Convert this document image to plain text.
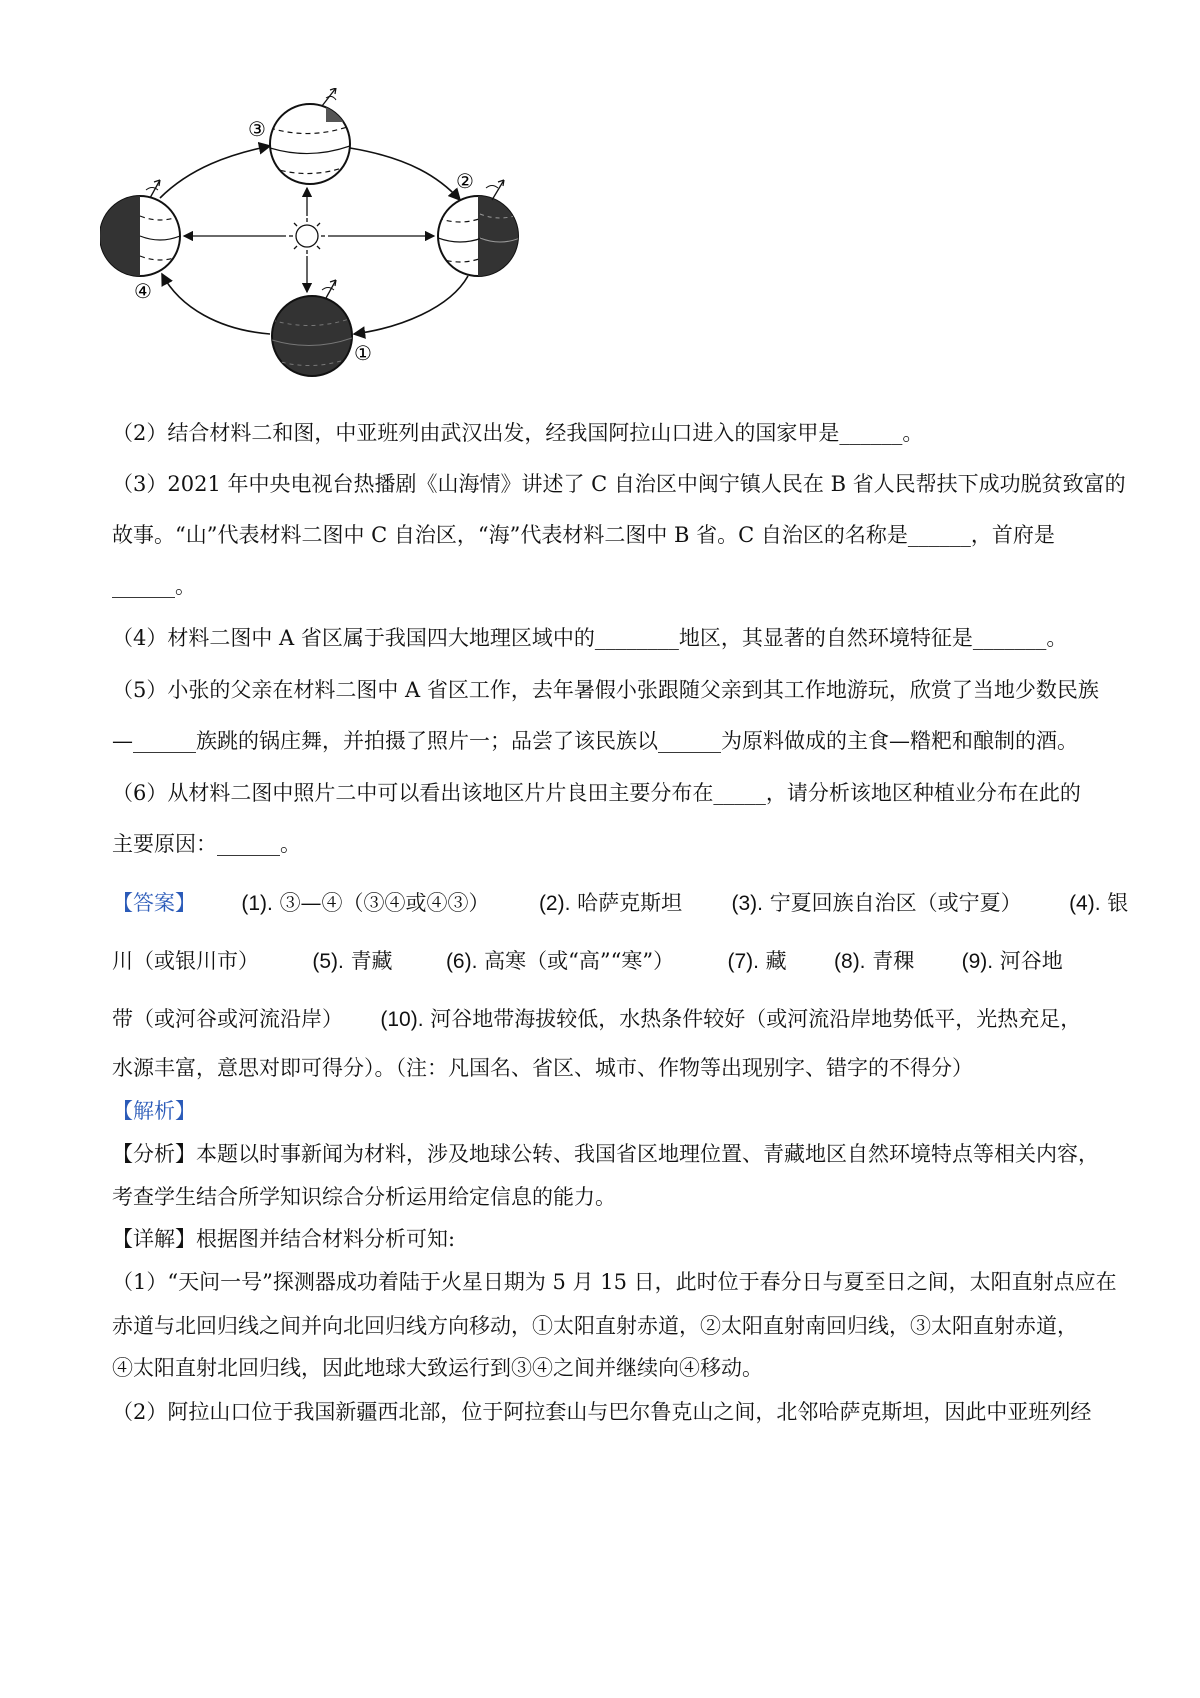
③
②
④
①
（2）结合材料二和图，中亚班列由武汉出发，经我国阿拉山口进入的国家甲是______。
（3）2021 年中央电视台热播剧《山海情》讲述了 C 自治区中闽宁镇人民在 B 省人民帮扶下成功脱贫致富的
故事。“山”代表材料二图中 C 自治区，“海”代表材料二图中 B 省。C 自治区的名称是______，首府是
______。
（4）材料二图中 A 省区属于我国四大地理区域中的________地区，其显著的自然环境特征是_______。
（5）小张的父亲在材料二图中 A 省区工作，去年暑假小张跟随父亲到其工作地游玩，欣赏了当地少数民族
—______族跳的锅庄舞，并拍摄了照片一；品尝了该民族以______为原料做成的主食—糌粑和酿制的酒。
（6）从材料二图中照片二中可以看出该地区片片良田主要分布在_____，请分析该地区种植业分布在此的
主要原因：______。
【答案】 (1). ③—④（③④或④③） (2). 哈萨克斯坦 (3). 宁夏回族自治区（或宁夏） (4). 银
川（或银川市）	(5). 青藏	(6). 高寒（或“高”“寒”）	(7). 藏 (8). 青稞 (9). 河谷地
带（或河谷或河流沿岸） (10). 河谷地带海拔较低，水热条件较好（或河流沿岸地势低平，光热充足，
水源丰富，意思对即可得分）。（注：凡国名、省区、城市、作物等出现别字、错字的不得分）
【解析】
【分析】本题以时事新闻为材料，涉及地球公转、我国省区地理位置、青藏地区自然环境特点等相关内容，
考查学生结合所学知识综合分析运用给定信息的能力。
【详解】根据图并结合材料分析可知:
（1）“天问一号”探测器成功着陆于火星日期为 5 月 15 日，此时位于春分日与夏至日之间，太阳直射点应在
赤道与北回归线之间并向北回归线方向移动，①太阳直射赤道，②太阳直射南回归线，③太阳直射赤道，
④太阳直射北回归线，因此地球大致运行到③④之间并继续向④移动。
（2）阿拉山口位于我国新疆西北部，位于阿拉套山与巴尔鲁克山之间，北邻哈萨克斯坦，因此中亚班列经
